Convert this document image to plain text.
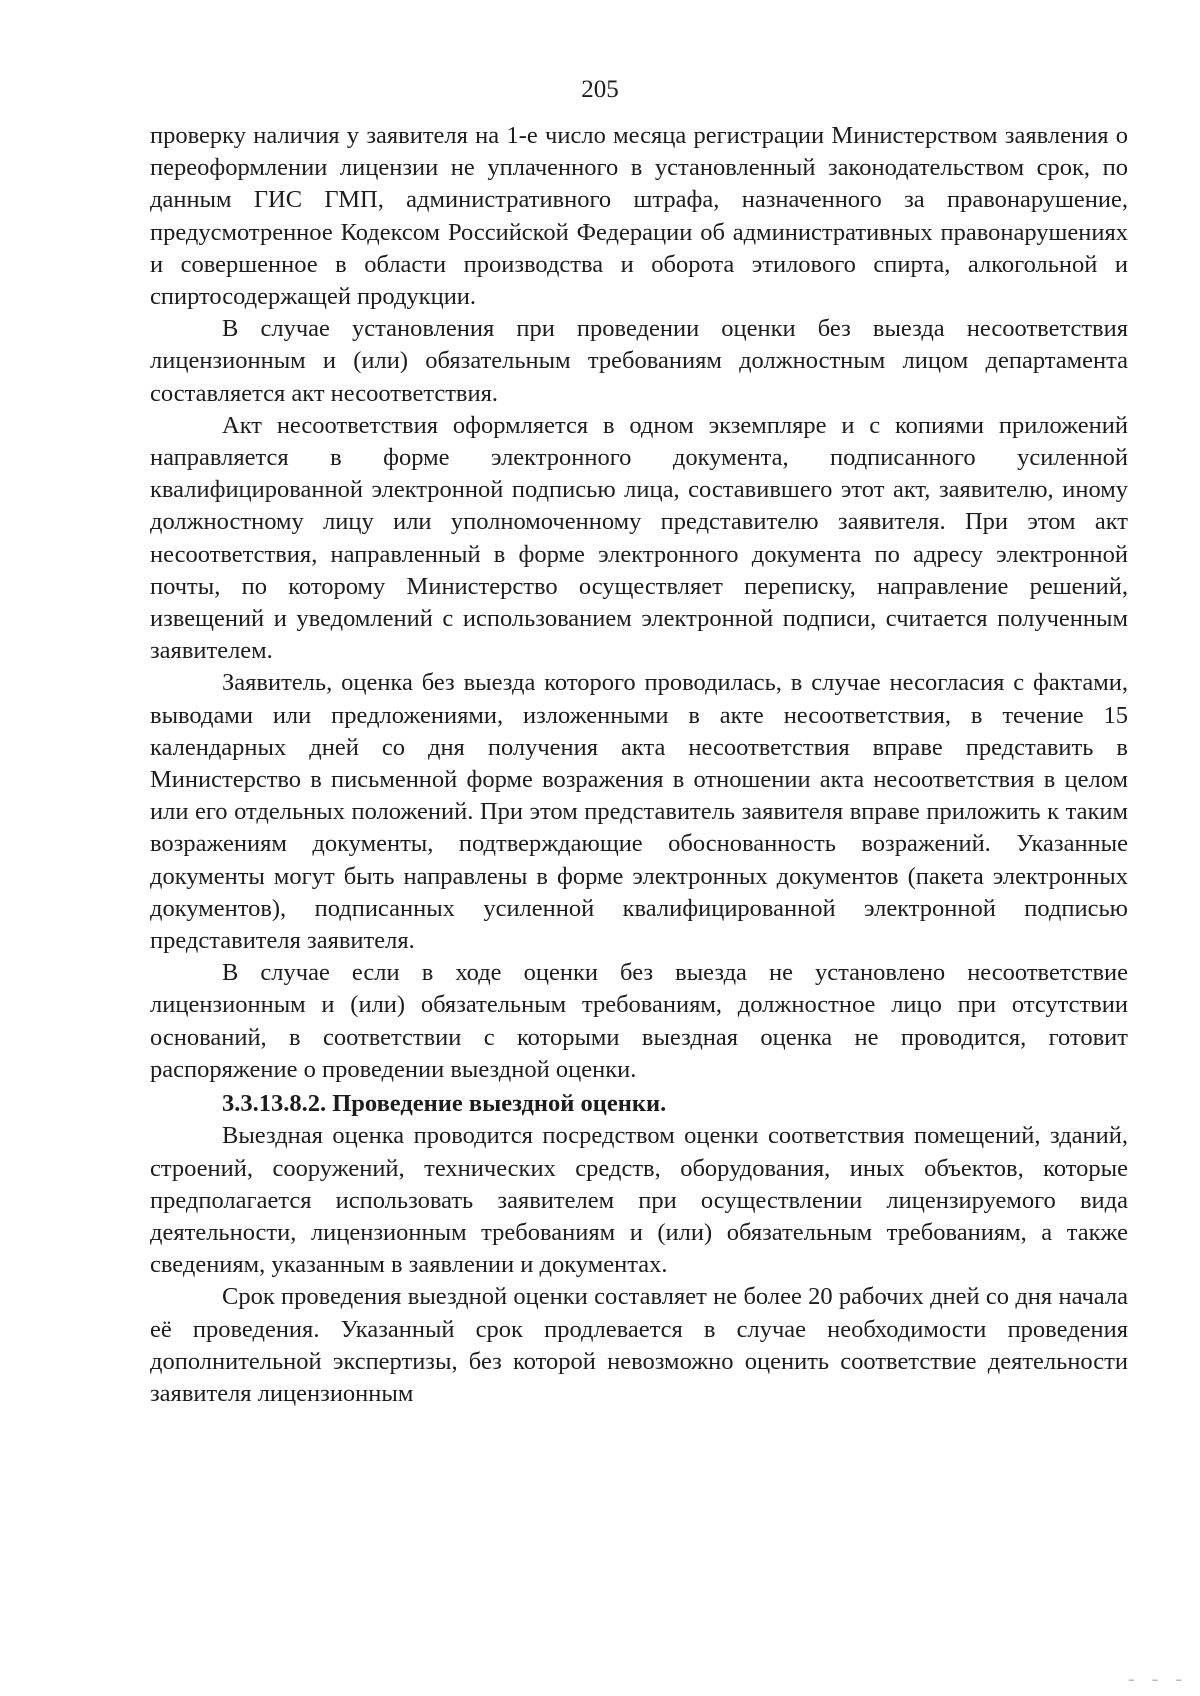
205

проверку наличия у заявителя на 1-е число месяца регистрации Министерством заявления о переоформлении лицензии не уплаченного в установленный законодательством срок, по данным ГИС ГМП, административного штрафа, назначенного за правонарушение, предусмотренное Кодексом Российской Федерации об административных правонарушениях и совершенное в области производства и оборота этилового спирта, алкогольной и спиртосодержащей продукции.

В случае установления при проведении оценки без выезда несоответствия лицензионным и (или) обязательным требованиям должностным лицом департамента составляется акт несоответствия.

Акт несоответствия оформляется в одном экземпляре и с копиями приложений направляется в форме электронного документа, подписанного усиленной квалифицированной электронной подписью лица, составившего этот акт, заявителю, иному должностному лицу или уполномоченному представителю заявителя. При этом акт несоответствия, направленный в форме электронного документа по адресу электронной почты, по которому Министерство осуществляет переписку, направление решений, извещений и уведомлений с использованием электронной подписи, считается полученным заявителем.

Заявитель, оценка без выезда которого проводилась, в случае несогласия с фактами, выводами или предложениями, изложенными в акте несоответствия, в течение 15 календарных дней со дня получения акта несоответствия вправе представить в Министерство в письменной форме возражения в отношении акта несоответствия в целом или его отдельных положений. При этом представитель заявителя вправе приложить к таким возражениям документы, подтверждающие обоснованность возражений. Указанные документы могут быть направлены в форме электронных документов (пакета электронных документов), подписанных усиленной квалифицированной электронной подписью представителя заявителя.

В случае если в ходе оценки без выезда не установлено несоответствие лицензионным и (или) обязательным требованиям, должностное лицо при отсутствии оснований, в соответствии с которыми выездная оценка не проводится, готовит распоряжение о проведении выездной оценки.

3.3.13.8.2. Проведение выездной оценки.

Выездная оценка проводится посредством оценки соответствия помещений, зданий, строений, сооружений, технических средств, оборудования, иных объектов, которые предполагается использовать заявителем при осуществлении лицензируемого вида деятельности, лицензионным требованиям и (или) обязательным требованиям, а также сведениям, указанным в заявлении и документах.

Срок проведения выездной оценки составляет не более 20 рабочих дней со дня начала её проведения. Указанный срок продлевается в случае необходимости проведения дополнительной экспертизы, без которой невозможно оценить соответствие деятельности заявителя лицензионным

- - -
